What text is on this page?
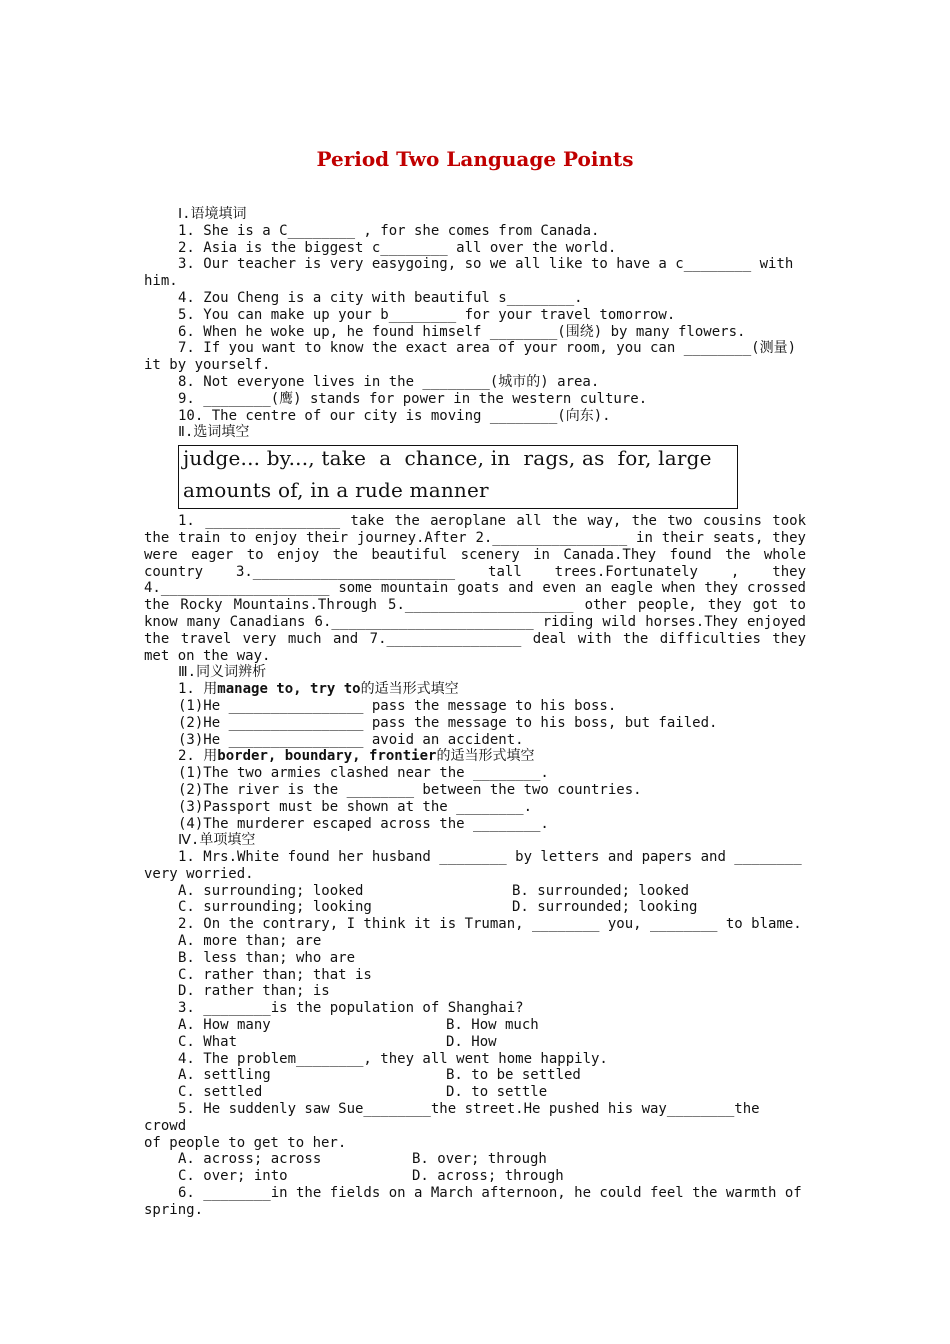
Period Two Language Points

Ⅰ.语境填词

1. She is a C________ , for she comes from Canada.

2. Asia is the biggest c________ all over the world.

3. Our teacher is very easygoing, so we all like to have a c________ with

him.

4. Zou Cheng is a city with beautiful s________.

5. You can make up your b________ for your travel tomorrow.

6. When he woke up, he found himself ________(围绕) by many flowers.

7. If you want to know the exact area of your room, you can ________(测量)

it by yourself.

8. Not everyone lives in the ________(城市的) area.

9. ________(鹰) stands for power in the western culture.

10. The centre of our city is moving ________(向东).

Ⅱ.选词填空

judge... by..., take  a  chance, in  rags, as  for, large
amounts of, in a rude manner

1. ________________ take the aeroplane all the way, the two cousins took the train to enjoy their journey.After 2.________________ in their seats, they were eager to enjoy the beautiful scenery in Canada.They found the whole country 3.________________________ tall trees.Fortunately , they 4.____________________ some mountain goats and even an eagle when they crossed the Rocky Mountains.Through 5.____________________ other people, they got to know many Canadians 6.________________________ riding wild horses.They enjoyed the travel very much and 7.________________ deal with the difficulties they met on the way.

Ⅲ.同义词辨析

1. 用manage to, try to的适当形式填空

(1)He ________________ pass the message to his boss.

(2)He ________________ pass the message to his boss, but failed.

(3)He ________________ avoid an accident.

2. 用border, boundary, frontier的适当形式填空

(1)The two armies clashed near the ________.

(2)The river is the ________ between the two countries.

(3)Passport must be shown at the ________.

(4)The murderer escaped across the ________.

Ⅳ.单项填空

1. Mrs.White found her husband ________ by letters and papers and ________

very worried.

A. surrounding; looked	B. surrounded; looked
C. surrounding; looking	D. surrounded; looking

2. On the contrary, I think it is Truman, ________ you, ________ to blame.

A. more than; are

B. less than; who are

C. rather than; that is

D. rather than; is

3. ________is the population of Shanghai?

A. How many	B. How much
C. What	D. How

4. The problem________, they all went home happily.

A. settling	B. to be settled
C. settled	D. to settle

5. He suddenly saw Sue________the street.He pushed his way________the crowd

of people to get to her.

A. across; across	B. over; through
C. over; into	D. across; through

6. ________in the fields on a March afternoon, he could feel the warmth of

spring.
